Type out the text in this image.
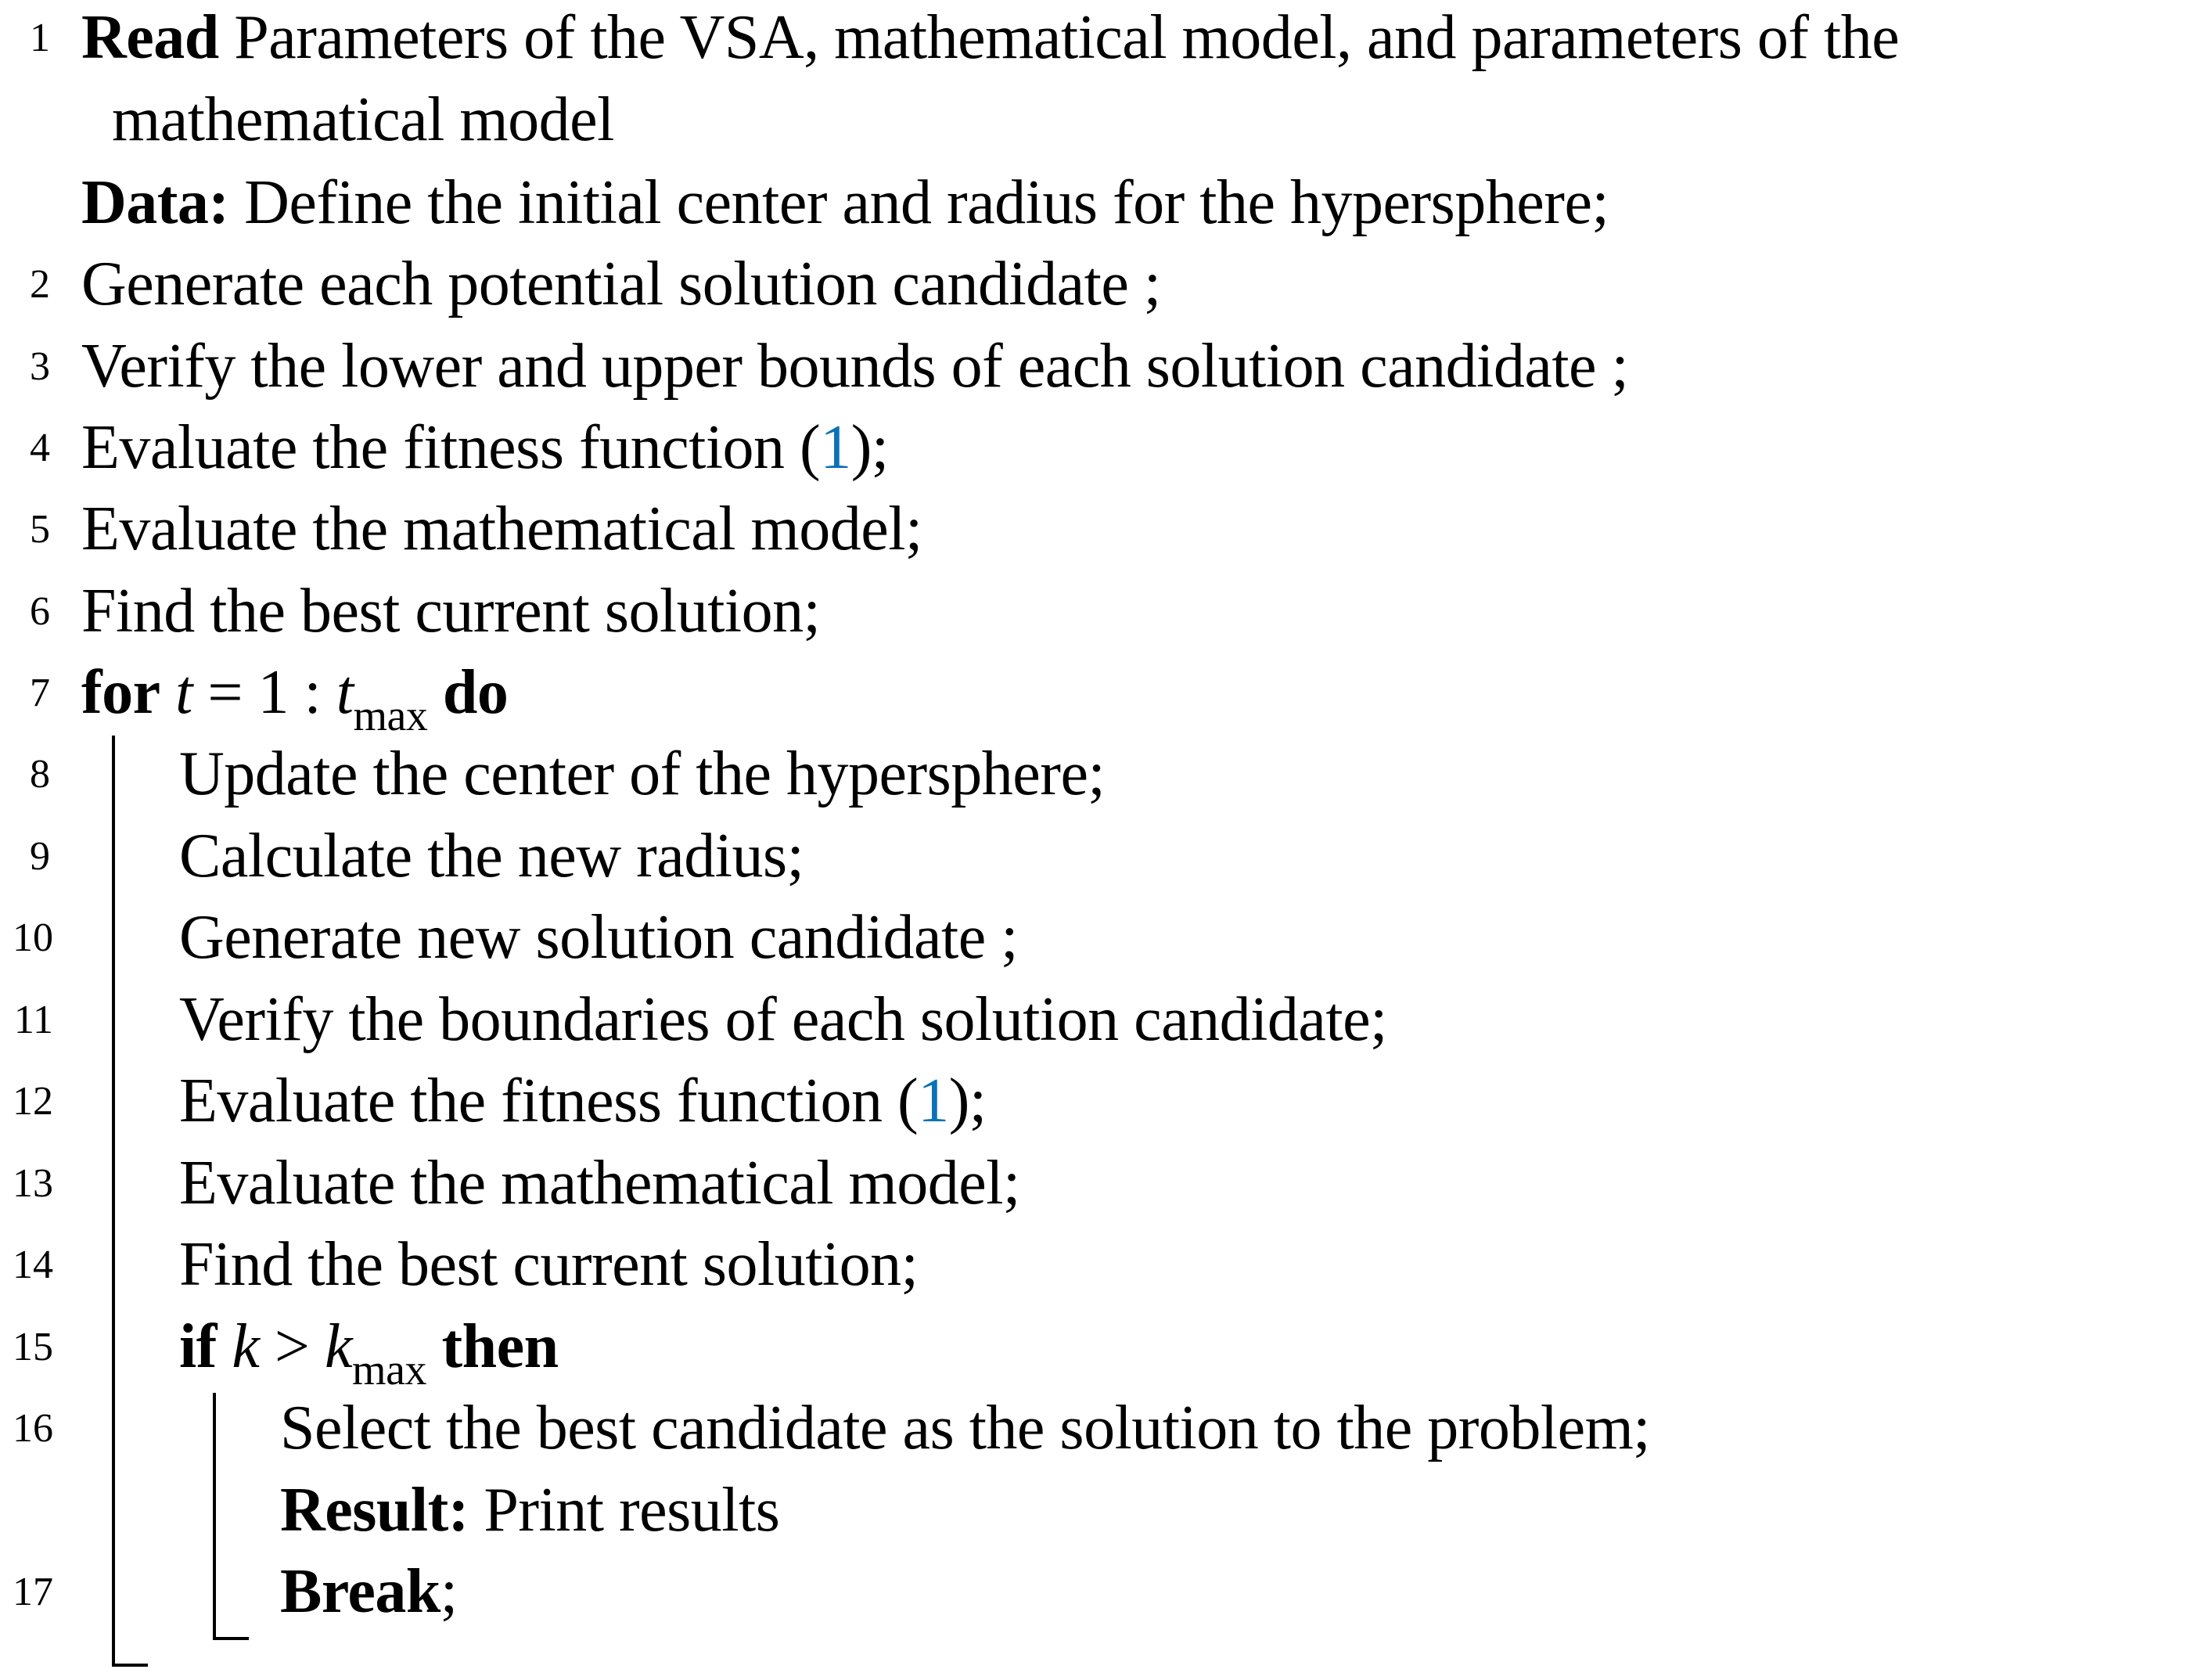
1 Read Parameters of the VSA, mathematical model, and parameters of the
mathematical model
Data: Define the initial center and radius for the hypersphere;
2 Generate each potential solution candidate ;
3 Verify the lower and upper bounds of each solution candidate ;
4 Evaluate the fitness function (1);
5 Evaluate the mathematical model;
6 Find the best current solution;
7 for t = 1 : $t_{max}$ do
8 Update the center of the hypersphere;
9 Calculate the new radius;
10 Generate new solution candidate ;
11 Verify the boundaries of each solution candidate;
12 Evaluate the fitness function (1);
13 Evaluate the mathematical model;
14 Find the best current solution;
15 if $k > k_{max}$ then
16	Select the best candidate as the solution to the problem;
Result: Print results
17	Break;
